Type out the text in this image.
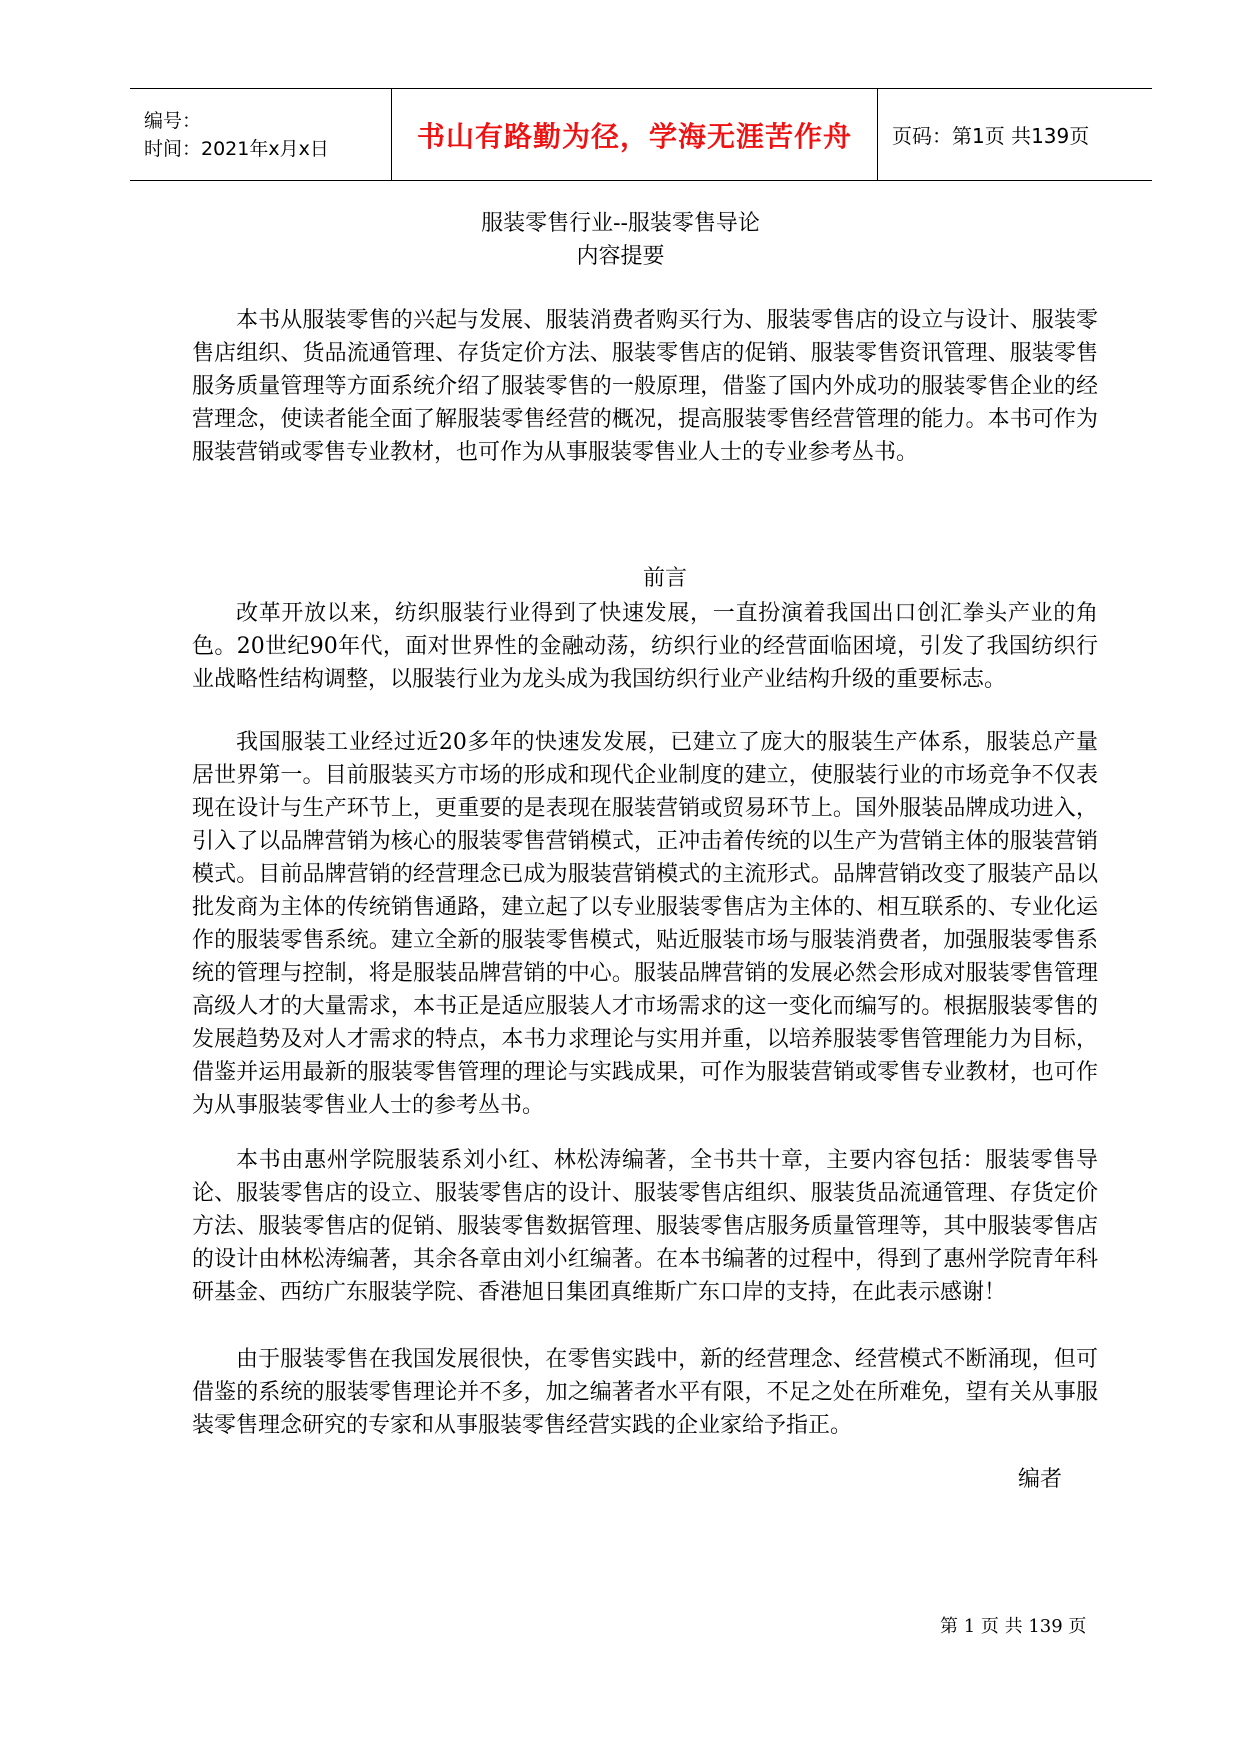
编号：
时间：2021年x月x日	书山有路勤为径，学海无涯苦作舟 页码：第1页 共139页
服装零售行业--服装零售导论
内容提要

本书从服装零售的兴起与发展、服装消费者购买行为、服装零售店的设立与设计、服装零售店组织、货品流通管理、存货定价方法、服装零售店的促销、服装零售资讯管理、服装零售服务质量管理等方面系统介绍了服装零售的一般原理，借鉴了国内外成功的服装零售企业的经营理念，使读者能全面了解服装零售经营的概况，提高服装零售经营管理的能力。本书可作为服装营销或零售专业教材，也可作为从事服装零售业人士的专业参考丛书。

前言

改革开放以来，纺织服装行业得到了快速发展，一直扮演着我国出口创汇拳头产业的角色。20世纪90年代，面对世界性的金融动荡，纺织行业的经营面临困境，引发了我国纺织行业战略性结构调整，以服装行业为龙头成为我国纺织行业产业结构升级的重要标志。

我国服装工业经过近20多年的快速发发展，已建立了庞大的服装生产体系，服装总产量居世界第一。目前服装买方市场的形成和现代企业制度的建立，使服装行业的市场竞争不仅表现在设计与生产环节上，更重要的是表现在服装营销或贸易环节上。国外服装品牌成功进入，引入了以品牌营销为核心的服装零售营销模式，正冲击着传统的以生产为营销主体的服装营销模式。目前品牌营销的经营理念已成为服装营销模式的主流形式。品牌营销改变了服装产品以批发商为主体的传统销售通路，建立起了以专业服装零售店为主体的、相互联系的、专业化运作的服装零售系统。建立全新的服装零售模式，贴近服装市场与服装消费者，加强服装零售系统的管理与控制，将是服装品牌营销的中心。服装品牌营销的发展必然会形成对服装零售管理高级人才的大量需求，本书正是适应服装人才市场需求的这一变化而编写的。根据服装零售的发展趋势及对人才需求的特点，本书力求理论与实用并重，以培养服装零售管理能力为目标，借鉴并运用最新的服装零售管理的理论与实践成果，可作为服装营销或零售专业教材，也可作为从事服装零售业人士的参考丛书。

本书由惠州学院服装系刘小红、林松涛编著，全书共十章，主要内容包括：服装零售导论、服装零售店的设立、服装零售店的设计、服装零售店组织、服装货品流通管理、存货定价方法、服装零售店的促销、服装零售数据管理、服装零售店服务质量管理等，其中服装零售店的设计由林松涛编著，其余各章由刘小红编著。在本书编著的过程中，得到了惠州学院青年科研基金、西纺广东服装学院、香港旭日集团真维斯广东口岸的支持，在此表示感谢！

由于服装零售在我国发展很快，在零售实践中，新的经营理念、经营模式不断涌现，但可借鉴的系统的服装零售理论并不多，加之编著者水平有限，不足之处在所难免，望有关从事服装零售理念研究的专家和从事服装零售经营实践的企业家给予指正。

编者
第 1 页 共 139 页
